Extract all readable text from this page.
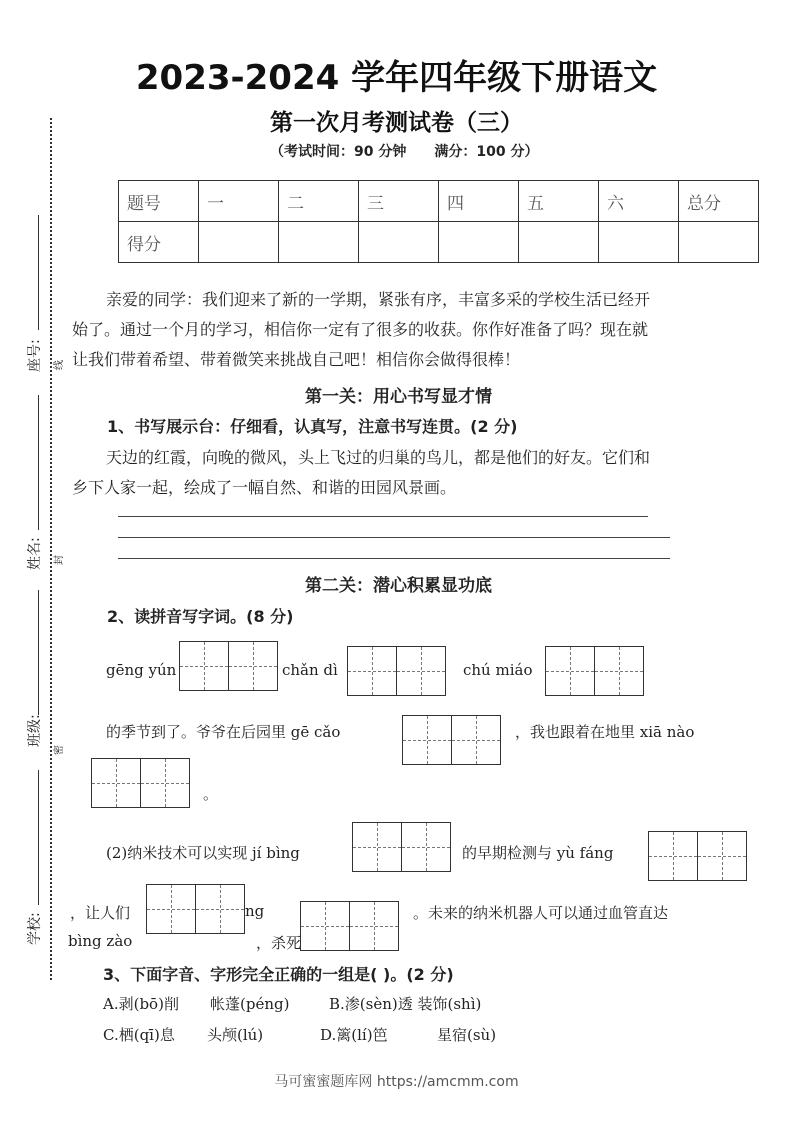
座号:	线
姓名:	封
班级:
密
学校:
2023-2024 学年四年级下册语文
第一次月考测试卷（三）
（考试时间：90 分钟 满分：100 分）
题号	一	二	三	四	五	六	总分
得分							
亲爱的同学：我们迎来了新的一学期，紧张有序，丰富多采的学校生活已经开
始了。通过一个月的学习，相信你一定有了很多的收获。你作好准备了吗？现在就
让我们带着希望、带着微笑来挑战自己吧！相信你会做得很棒！
第一关：用心书写显才情
1、书写展示台：仔细看，认真写，注意书写连贯。(2 分)
天边的红霞，向晚的微风，头上飞过的归巢的鸟儿，都是他们的好友。它们和
乡下人家一起，绘成了一幅自然、和谐的田园风景画。
第二关：潜心积累显功底
2、读拼音写字词。(8 分)
gēng yún	chǎn dì	chú miáo
的季节到了。爷爷在后园里 gē cǎo	，我也跟着在地里 xiā nào
。
(2)纳米技术可以实现 jí bìng	的早期检测与 yù fáng
，让人们	ng	。未来的纳米机器人可以通过血管直达
bìng zào	，杀死
3、下面字音、字形完全正确的一组是( )。(2 分)
A.剥(bō)削 帐蓬(péng)	B.渗(sèn)透 装饰(shì)
C.栖(qī)息 头颅(lú)	D.篱(lí)笆	星宿(sù)
马可蜜蜜题库网 https://amcmm.com
